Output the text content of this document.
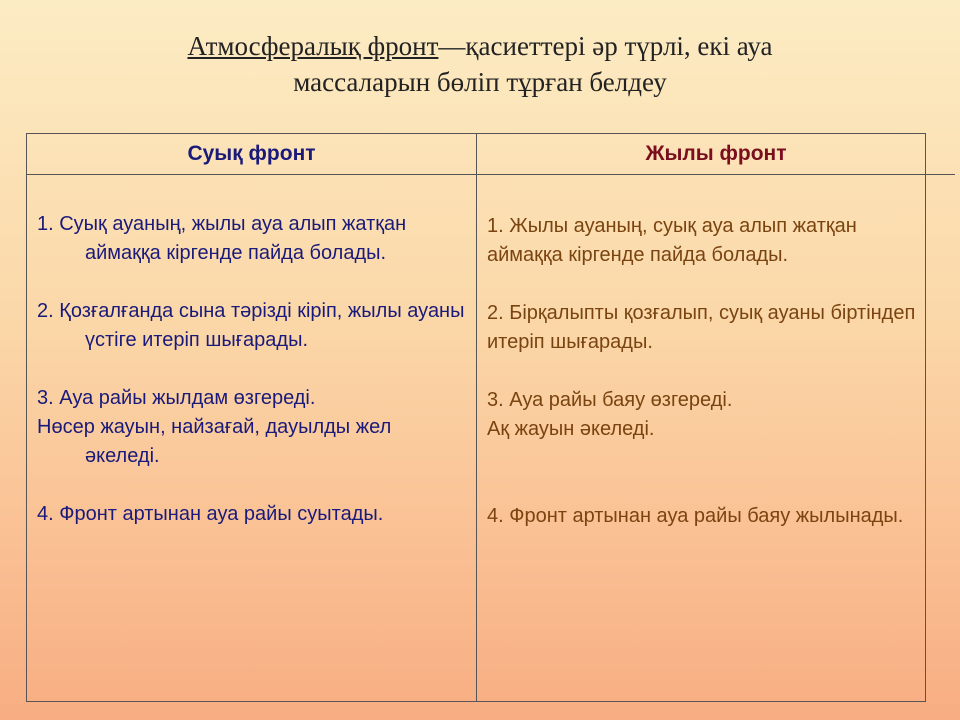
Атмосфералық фронт—қасиеттері әр түрлі, екі ауа
массаларын бөліп тұрған белдеу
Суық фронт	Жылы фронт

1. Суық ауаның, жылы ауа алып жатқан аймаққа кіргенде пайда болады.

2. Қозғалғанда сына тәрізді кіріп, жылы ауаны үстіге итеріп шығарады.

3. Ауа райы жылдам өзгереді.

Нөсер жауын, найзағай, дауылды жел әкеледі.

4. Фронт артынан ауа райы суытады.

1. Жылы ауаның, суық ауа алып жатқан аймаққа кіргенде пайда болады.

2. Бірқалыпты қозғалып, суық ауаны біртіндеп итеріп шығарады.

3. Ауа райы баяу өзгереді.

Ақ жауын әкеледі.

4. Фронт артынан ауа райы баяу жылынады.
